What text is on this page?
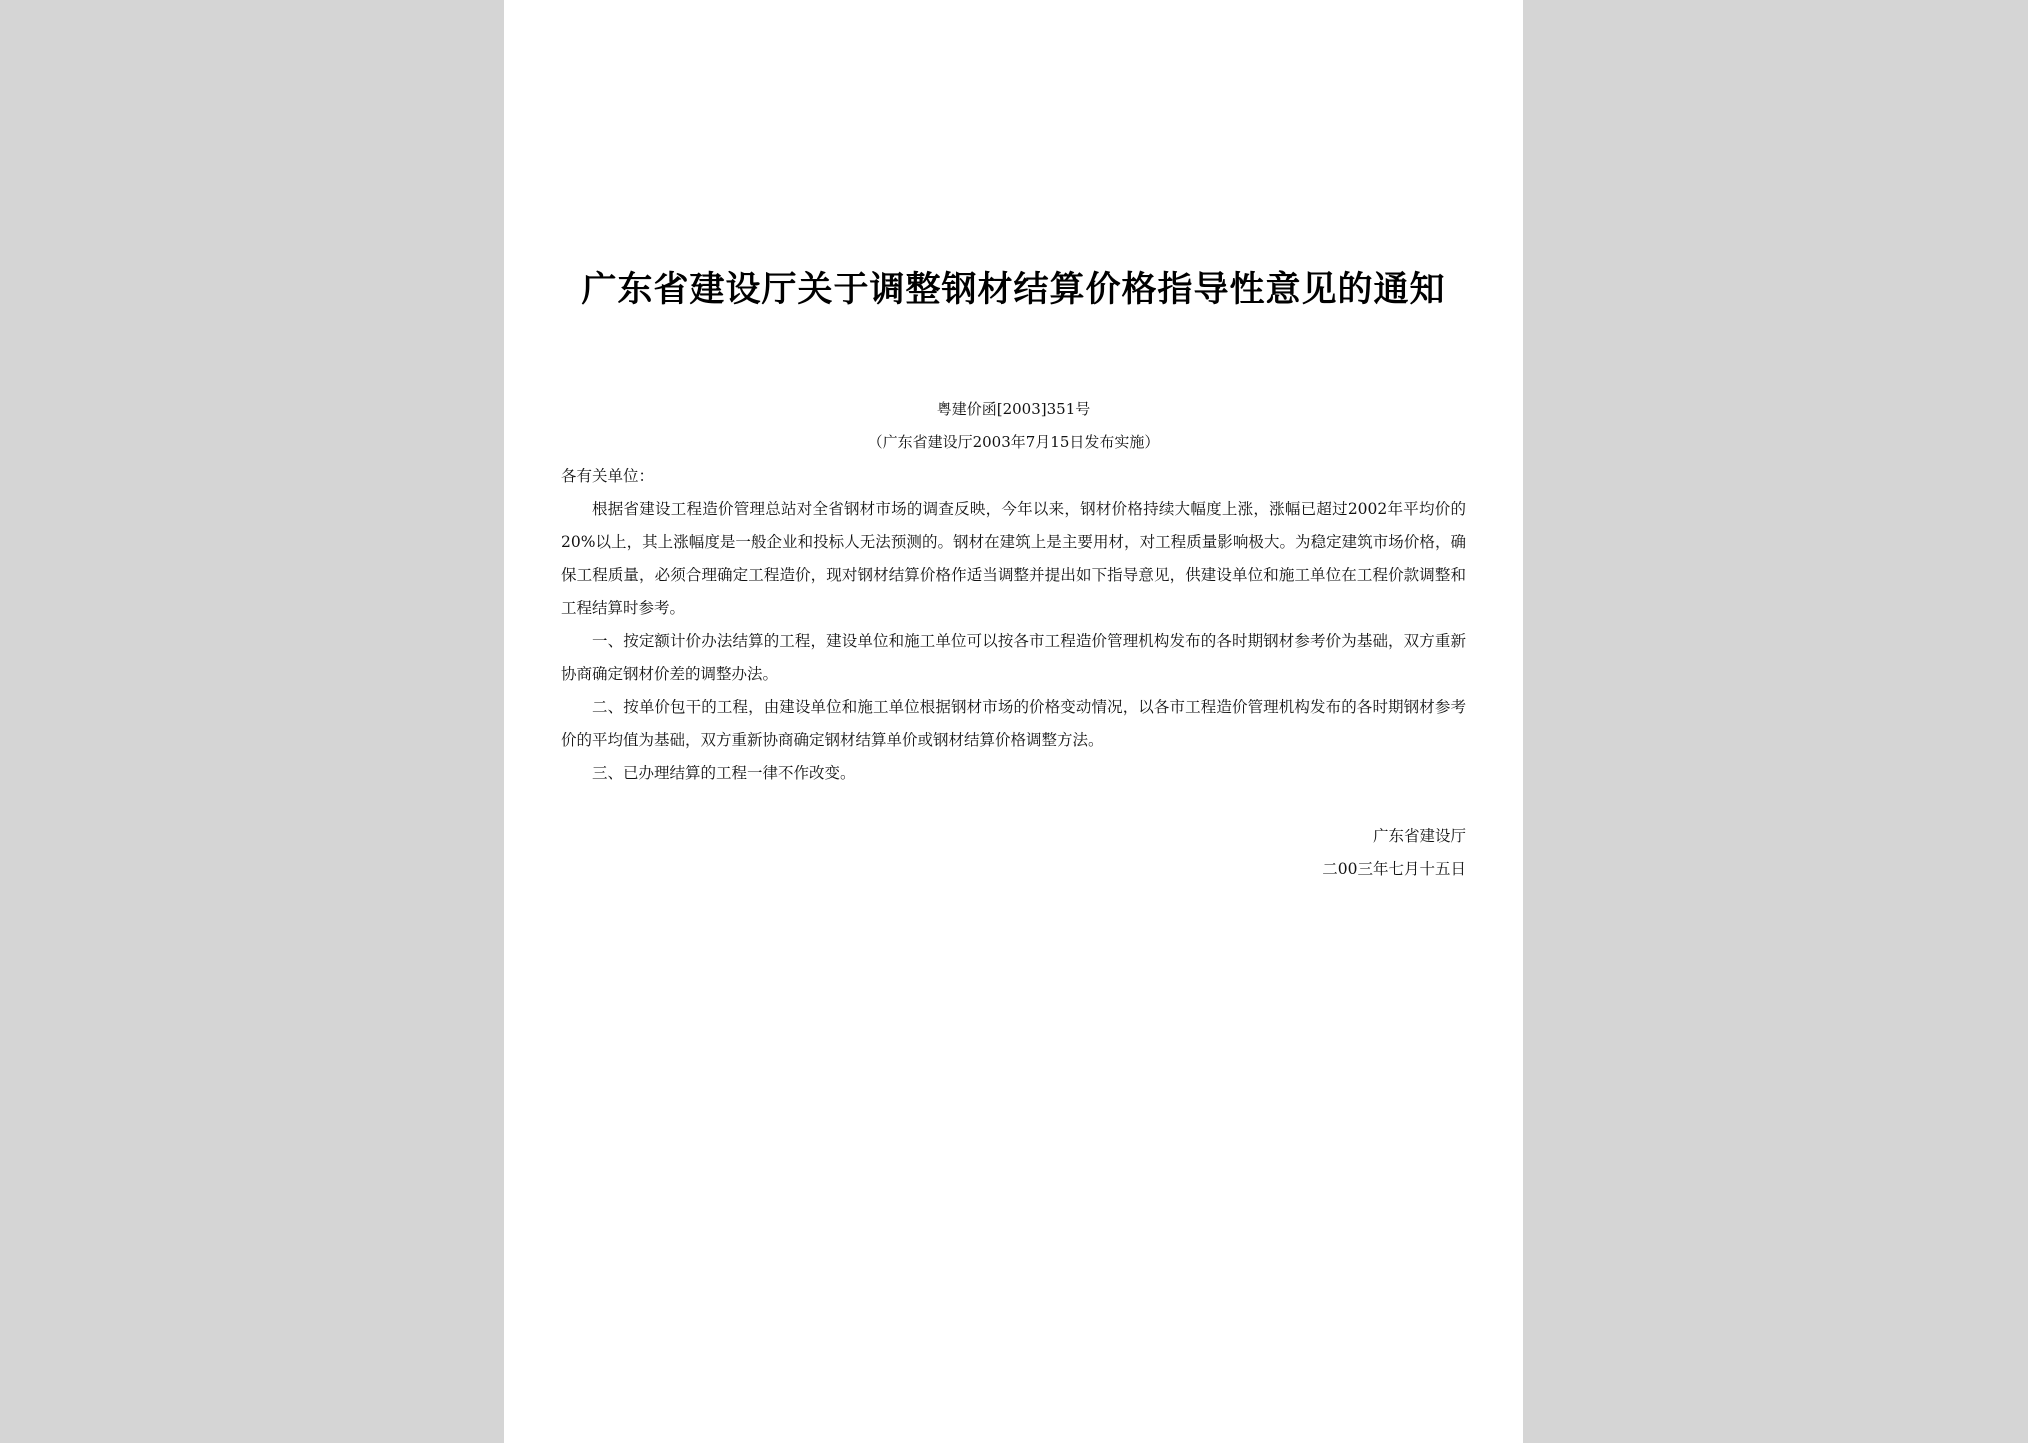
广东省建设厅关于调整钢材结算价格指导性意见的通知
粤建价函[2003]351号
（广东省建设厅2003年7月15日发布实施）

各有关单位：

根据省建设工程造价管理总站对全省钢材市场的调查反映，今年以来，钢材价格持续大幅度上涨，涨幅已超过2002年平均价的20%以上，其上涨幅度是一般企业和投标人无法预测的。钢材在建筑上是主要用材，对工程质量影响极大。为稳定建筑市场价格，确保工程质量，必须合理确定工程造价，现对钢材结算价格作适当调整并提出如下指导意见，供建设单位和施工单位在工程价款调整和工程结算时参考。

一、按定额计价办法结算的工程，建设单位和施工单位可以按各市工程造价管理机构发布的各时期钢材参考价为基础，双方重新协商确定钢材价差的调整办法。

二、按单价包干的工程，由建设单位和施工单位根据钢材市场的价格变动情况，以各市工程造价管理机构发布的各时期钢材参考价的平均值为基础，双方重新协商确定钢材结算单价或钢材结算价格调整方法。

三、已办理结算的工程一律不作改变。

广东省建设厅
二00三年七月十五日
